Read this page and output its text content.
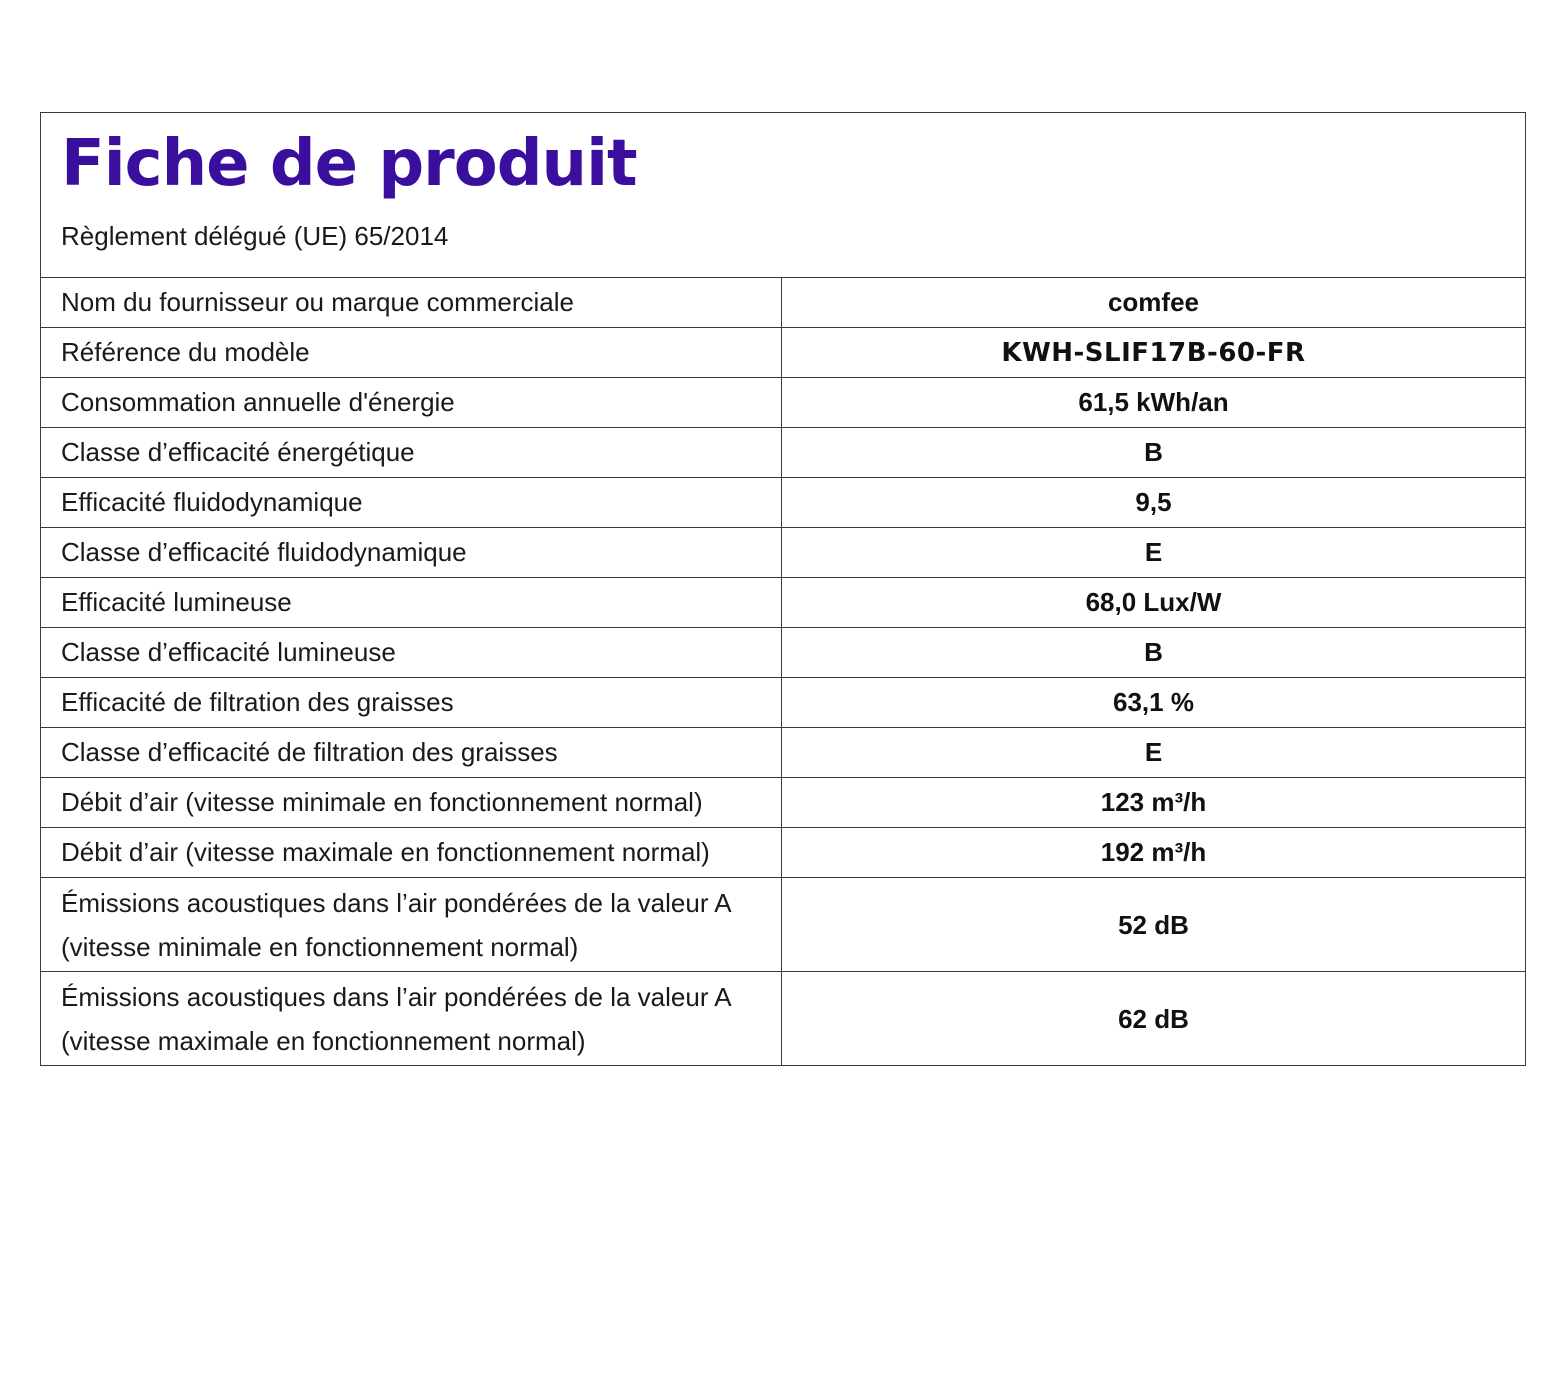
Fiche de produit
Règlement délégué (UE) 65/2014	

Nom du fournisseur ou marque commerciale	comfee
Référence du modèle	KWH-SLIF17B-60-FR
Consommation annuelle d'énergie	61,5 kWh/an
Classe d’efficacité énergétique	B
Efficacité fluidodynamique	9,5
Classe d’efficacité fluidodynamique	E
Efficacité lumineuse	68,0 Lux/W
Classe d’efficacité lumineuse	B
Efficacité de filtration des graisses	63,1 %
Classe d’efficacité de filtration des graisses	E
Débit d’air (vitesse minimale en fonctionnement normal)	123 m³/h
Débit d’air (vitesse maximale en fonctionnement normal)	192 m³/h

Émissions acoustiques dans l’air pondérées de la valeur A
(vitesse minimale en fonctionnement normal)	52 dB

Émissions acoustiques dans l’air pondérées de la valeur A
(vitesse maximale en fonctionnement normal)	62 dB
